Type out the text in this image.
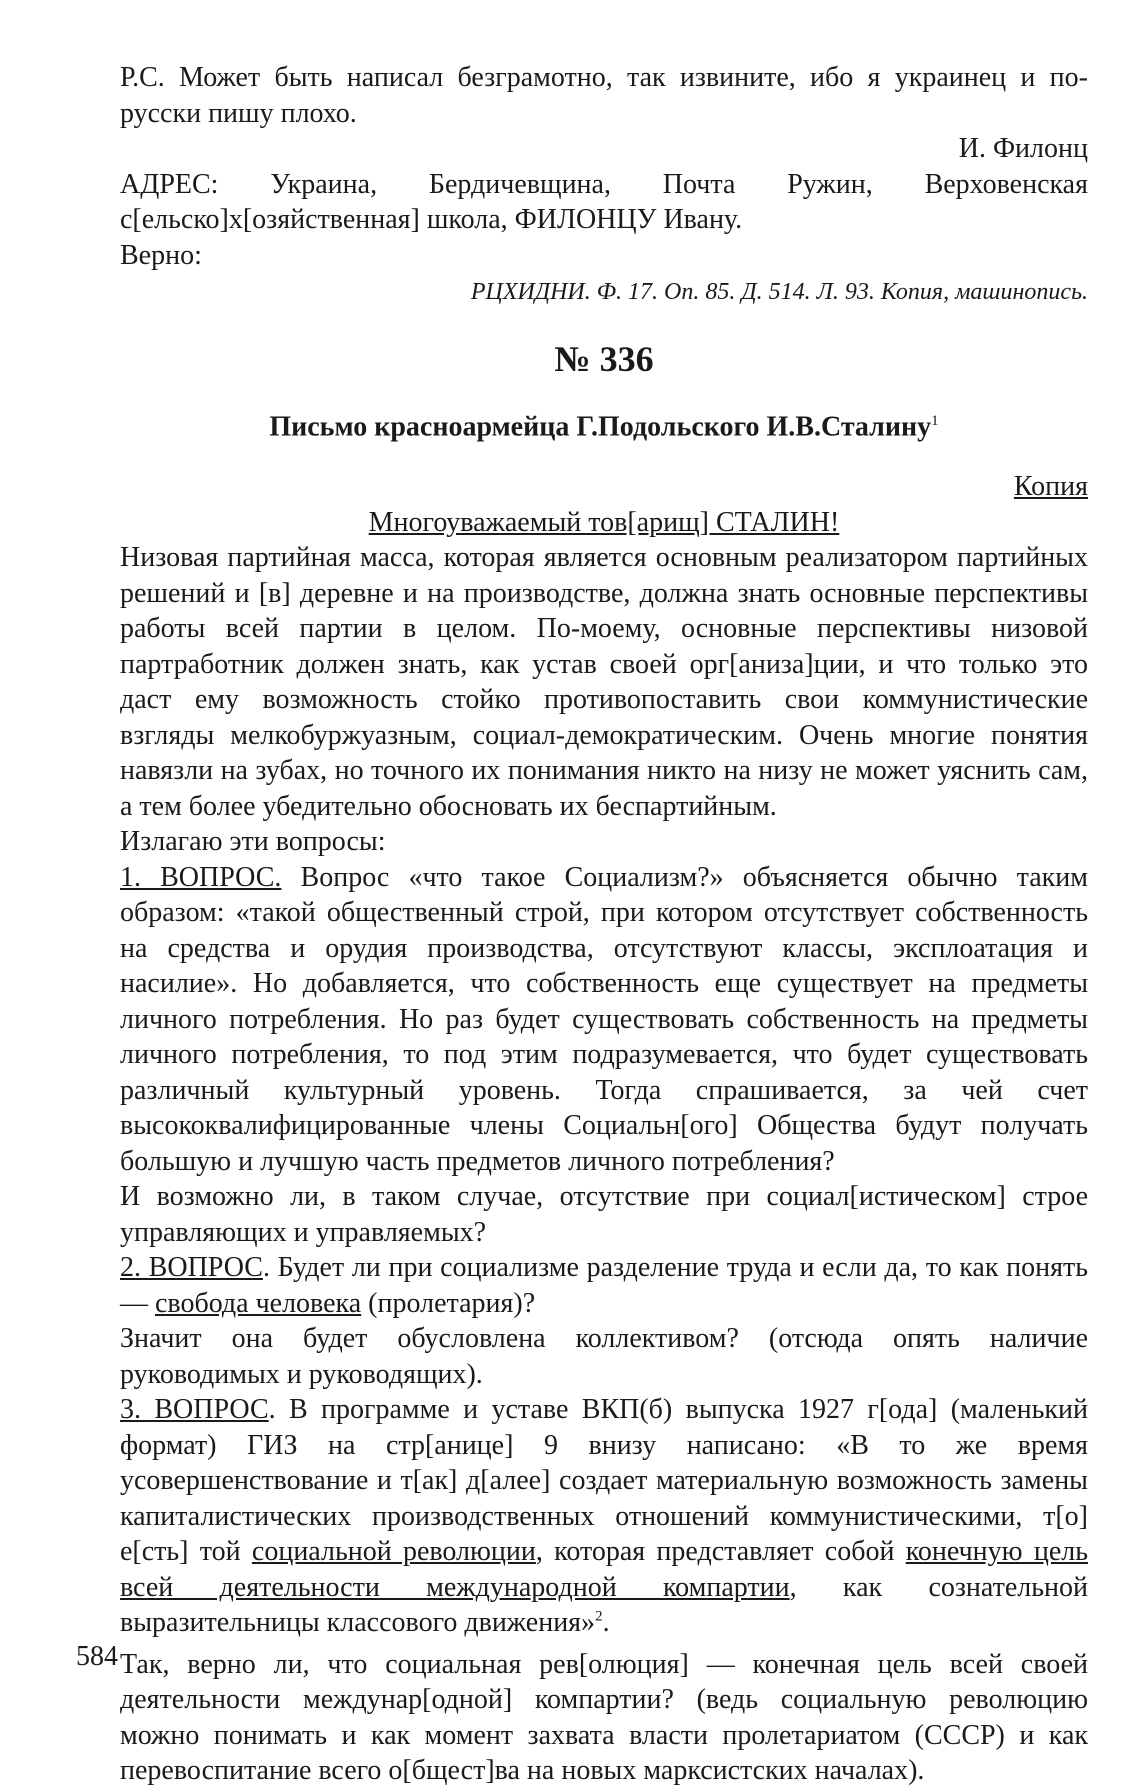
Р.С. Может быть написал безграмотно, так извините, ибо я украинец и по-русски пишу плохо.

И. Филонц

АДРЕС: Украина, Бердичевщина, Почта Ружин, Верховенская с[ельско]х[озяйственная] школа, ФИЛОНЦУ Ивану.

Верно:

РЦХИДНИ. Ф. 17. Оп. 85. Д. 514. Л. 93. Копия, машинопись.

№ 336

Письмо красноармейца Г.Подольского И.В.Сталину$^1$

Копия

Многоуважаемый тов[арищ] СТАЛИН!

Низовая партийная масса, которая является основным реализатором партийных решений и [в] деревне и на производстве, должна знать основные перспективы работы всей партии в целом. По-моему, основные перспективы низовой партработник должен знать, как устав своей орг[аниза]ции, и что только это даст ему возможность стойко противопоставить свои коммунистические взгляды мелкобуржуазным, социал-демократическим. Очень многие понятия навязли на зубах, но точного их понимания никто на низу не может уяснить сам, а тем более убедительно обосновать их беспартийным.

Излагаю эти вопросы:

1. ВОПРОС. Вопрос «что такое Социализм?» объясняется обычно таким образом: «такой общественный строй, при котором отсутствует собственность на средства и орудия производства, отсутствуют классы, эксплоатация и насилие». Но добавляется, что собственность еще существует на предметы личного потребления. Но раз будет существовать собственность на предметы личного потребления, то под этим подразумевается, что будет существовать различный культурный уровень. Тогда спрашивается, за чей счет высококвалифицированные члены Социальн[ого] Общества будут получать большую и лучшую часть предметов личного потребления?

И возможно ли, в таком случае, отсутствие при социал[истическом] строе управляющих и управляемых?

2. ВОПРОС. Будет ли при социализме разделение труда и если да, то как понять — свобода человека (пролетария)?

Значит она будет обусловлена коллективом? (отсюда опять наличие руководимых и руководящих).

3. ВОПРОС. В программе и уставе ВКП(б) выпуска 1927 г[ода] (маленький формат) ГИЗ на стр[анице] 9 внизу написано: «В то же время усовершенствование и т[ак] д[алее] создает материальную возможность замены капиталистических производственных отношений коммунистическими, т[о] е[сть] той социальной революции, которая представляет собой конечную цель всей деятельности международной компартии, как сознательной выразительницы классового движения»$^2$.

Так, верно ли, что социальная рев[олюция] — конечная цель всей своей деятельности междунар[одной] компартии? (ведь социальную революцию можно понимать и как момент захвата власти пролетариатом (СССР) и как перевоспитание всего о[бщест]ва на новых марксистских началах).

584
